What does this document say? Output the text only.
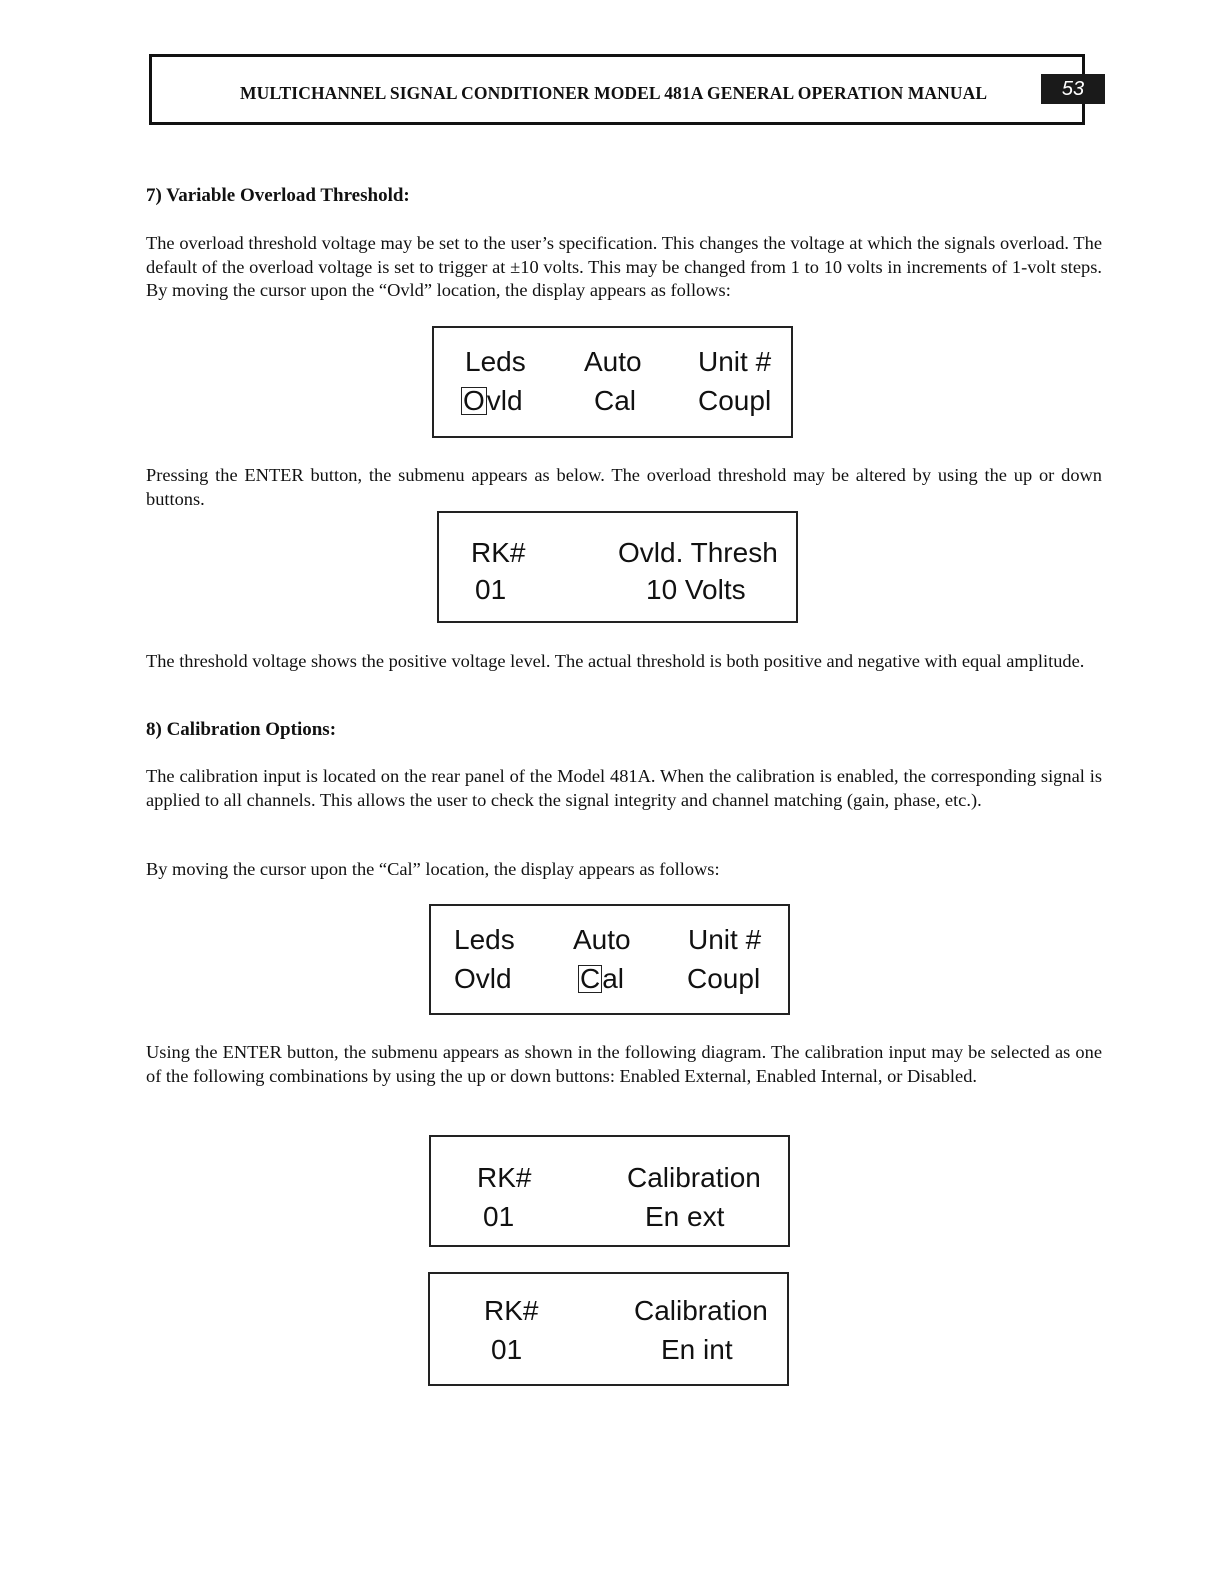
MULTICHANNEL SIGNAL CONDITIONER MODEL 481A GENERAL OPERATION MANUAL	53
7) Variable Overload Threshold:
The overload threshold voltage may be set to the user’s specification. This changes the voltage at which the signals overload. The default of the overload voltage is set to trigger at ±10 volts. This may be changed from 1 to 10 volts in increments of 1-volt steps. By moving the cursor upon the “Ovld” location, the display appears as follows:
Leds Auto Unit #
Ovld	Cal Coupl
Pressing the ENTER button, the submenu appears as below. The overload threshold may be altered by using the up or down buttons.
RK#	Ovld. Thresh
01	10 Volts
The threshold voltage shows the positive voltage level. The actual threshold is both positive and negative with equal amplitude.
8) Calibration Options:
The calibration input is located on the rear panel of the Model 481A. When the calibration is enabled, the corresponding signal is applied to all channels. This allows the user to check the signal integrity and channel matching (gain, phase, etc.).
By moving the cursor upon the “Cal” location, the display appears as follows:
Leds Auto Unit #
Ovld Cal Coupl
Using the ENTER button, the submenu appears as shown in the following diagram. The calibration input may be selected as one of the following combinations by using the up or down buttons: Enabled External, Enabled Internal, or Disabled.
RK#	Calibration
01	En ext
RK#	Calibration
01	En int
